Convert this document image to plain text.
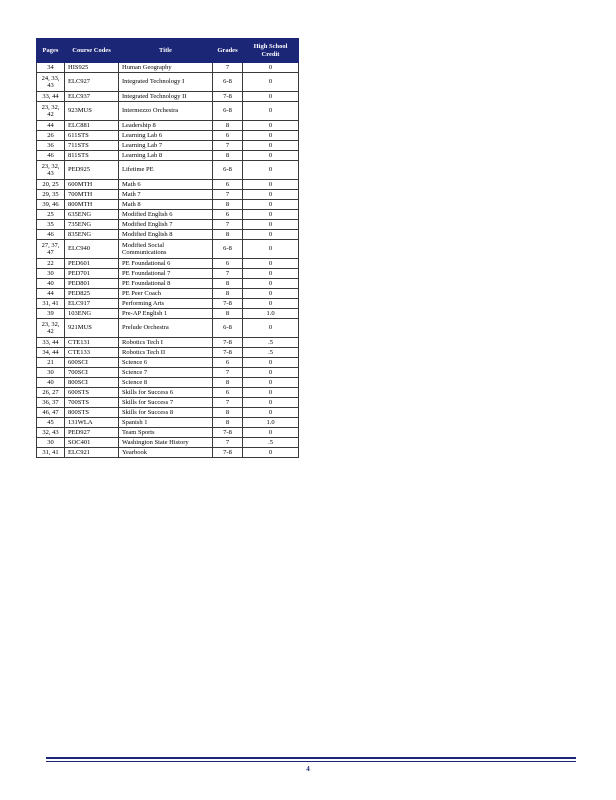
Pages	Course Codes	Title	Grades	High School Credit
34	HIS925	Human Geography	7	0
24, 33, 43	ELC927	Integrated Technology I	6-8	0
33, 44	ELC937	Integrated Technology II	7-8	0
23, 32, 42	923MUS	Intermezzo Orchestra	6-8	0
44	ELC881	Leadership 8	8	0
26	611STS	Learning Lab 6	6	0
36	711STS	Learning Lab 7	7	0
46	811STS	Learning Lab 8	8	0
23, 32, 43	PED925	Lifetime PE	6-8	0
20, 25	600MTH	Math 6	6	0
29, 35	700MTH	Math 7	7	0
39, 46	800MTH	Math 8	8	0
25	635ENG	Modified English 6	6	0
35	735ENG	Modified English 7	7	0
46	835ENG	Modified English 8	8	0
27, 37, 47	ELC940	Modified Social Communications	6-8	0
22	PED601	PE Foundational 6	6	0
30	PED701	PE Foundational 7	7	0
40	PED801	PE Foundational 8	8	0
44	PED825	PE Peer Coach	8	0
31, 41	ELC917	Performing Arts	7-8	0
39	103ENG	Pre-AP English 1	8	1.0
23, 32, 42	921MUS	Prelude Orchestra	6-8	0
33, 44	CTE131	Robotics Tech I	7-8	.5
34, 44	CTE133	Robotics Tech II	7-8	.5
21	600SCI	Science 6	6	0
30	700SCI	Science 7	7	0
40	800SCI	Science 8	8	0
26, 27	600STS	Skills for Success 6	6	0
36, 37	700STS	Skills for Success 7	7	0
46, 47	800STS	Skills for Success 8	8	0
45	131WLA	Spanish 1	8	1.0
32, 43	PED927	Team Sports	7-8	0
30	SOC401	Washington State History	7	.5
31, 41	ELC921	Yearbook	7-8	0
4
